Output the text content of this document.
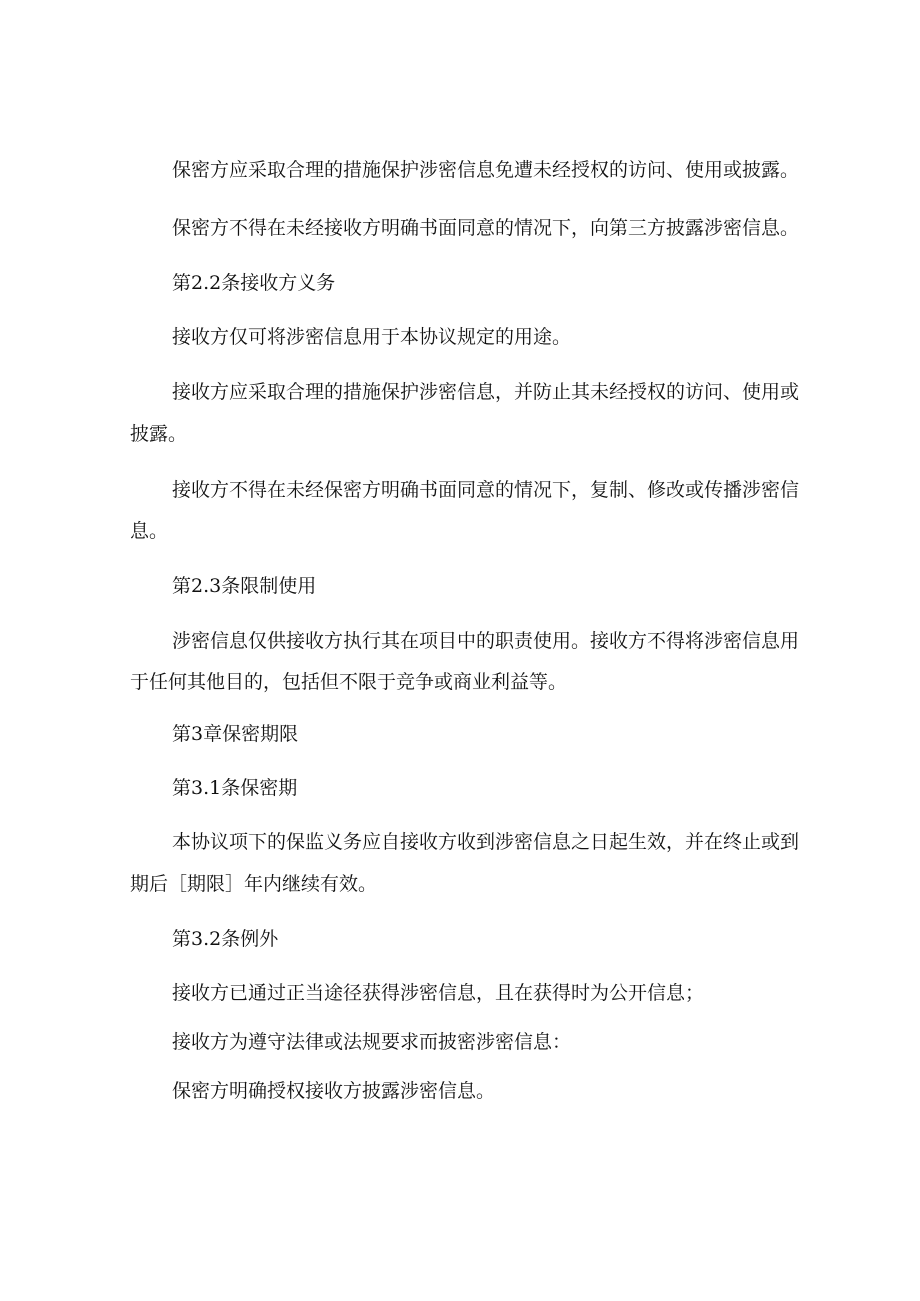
保密方应采取合理的措施保护涉密信息免遭未经授权的访问、使用或披露。

保密方不得在未经接收方明确书面同意的情况下，向第三方披露涉密信息。

第2.2条接收方义务

接收方仅可将涉密信息用于本协议规定的用途。

接收方应采取合理的措施保护涉密信息，并防止其未经授权的访问、使用或

披露。

接收方不得在未经保密方明确书面同意的情况下，复制、修改或传播涉密信

息。

第2.3条限制使用

涉密信息仅供接收方执行其在项目中的职责使用。接收方不得将涉密信息用

于任何其他目的，包括但不限于竞争或商业利益等。

第3章保密期限

第3.1条保密期

本协议项下的保监义务应自接收方收到涉密信息之日起生效，并在终止或到

期后［期限］年内继续有效。

第3.2条例外

接收方已通过正当途径获得涉密信息，且在获得时为公开信息；

接收方为遵守法律或法规要求而披密涉密信息：

保密方明确授权接收方披露涉密信息。
